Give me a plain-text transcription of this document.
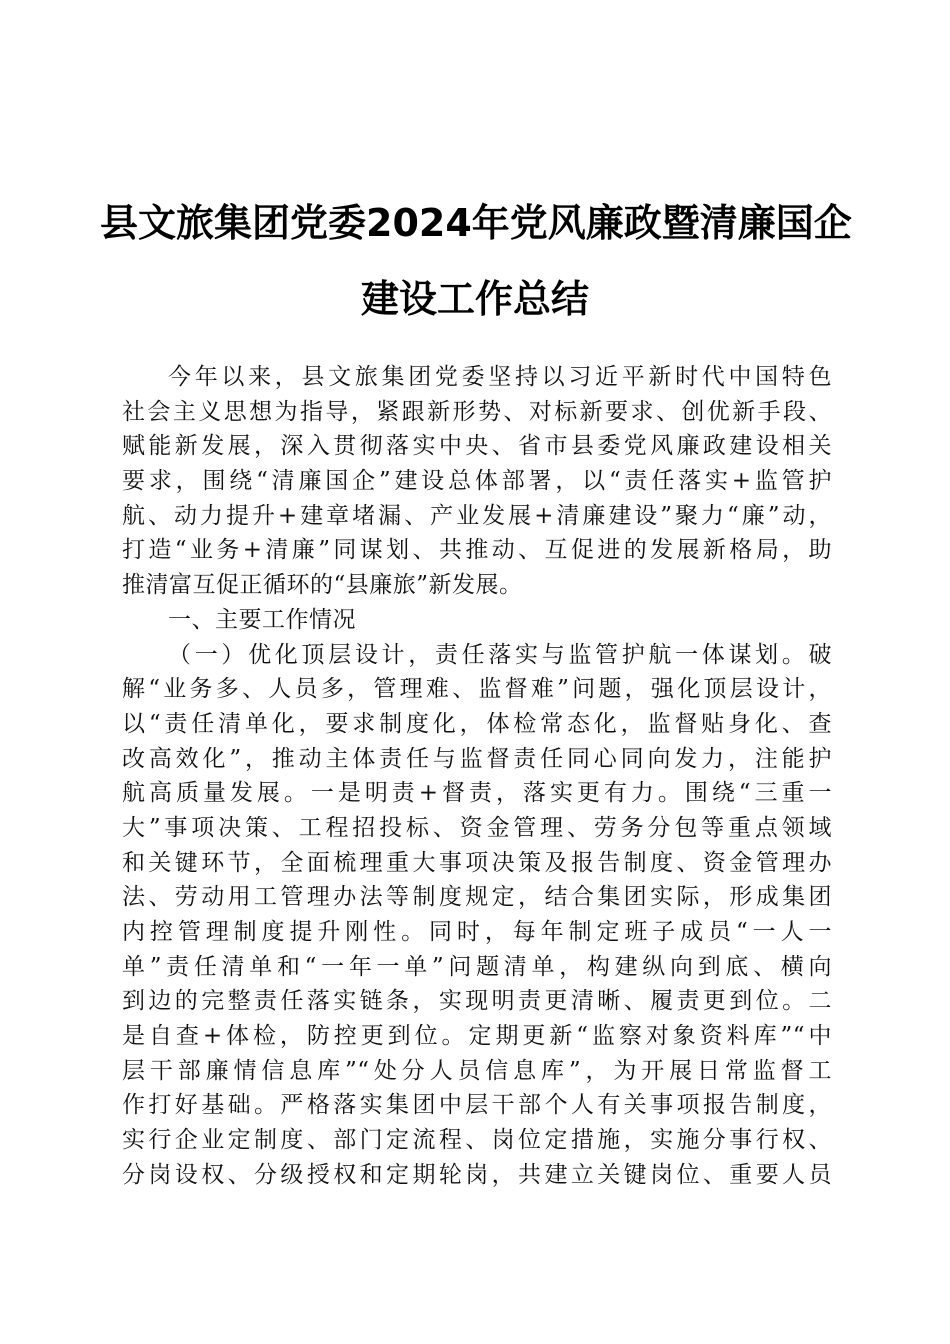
县文旅集团党委2024年党风廉政暨清廉国企
建设工作总结
今年以来，县文旅集团党委坚持以习近平新时代中国特色
社会主义思想为指导，紧跟新形势、对标新要求、创优新手段、
赋能新发展，深入贯彻落实中央、省市县委党风廉政建设相关
要求，围绕“清廉国企”建设总体部署，以“责任落实+监管护
航、动力提升+建章堵漏、产业发展+清廉建设”聚力“廉”动，
打造“业务+清廉”同谋划、共推动、互促进的发展新格局，助
推清富互促正循环的“县廉旅”新发展。
一、主要工作情况
（一）优化顶层设计，责任落实与监管护航一体谋划。破
解“业务多、人员多，管理难、监督难”问题，强化顶层设计，
以“责任清单化，要求制度化，体检常态化，监督贴身化、查
改高效化”，推动主体责任与监督责任同心同向发力，注能护
航高质量发展。一是明责+督责，落实更有力。围绕“三重一
大”事项决策、工程招投标、资金管理、劳务分包等重点领域
和关键环节，全面梳理重大事项决策及报告制度、资金管理办
法、劳动用工管理办法等制度规定，结合集团实际，形成集团
内控管理制度提升刚性。同时，每年制定班子成员“一人一
单”责任清单和“一年一单”问题清单，构建纵向到底、横向
到边的完整责任落实链条，实现明责更清晰、履责更到位。二
是自查+体检，防控更到位。定期更新“监察对象资料库”“中
层干部廉情信息库”“处分人员信息库”，为开展日常监督工
作打好基础。严格落实集团中层干部个人有关事项报告制度，
实行企业定制度、部门定流程、岗位定措施，实施分事行权、
分岗设权、分级授权和定期轮岗，共建立关键岗位、重要人员
